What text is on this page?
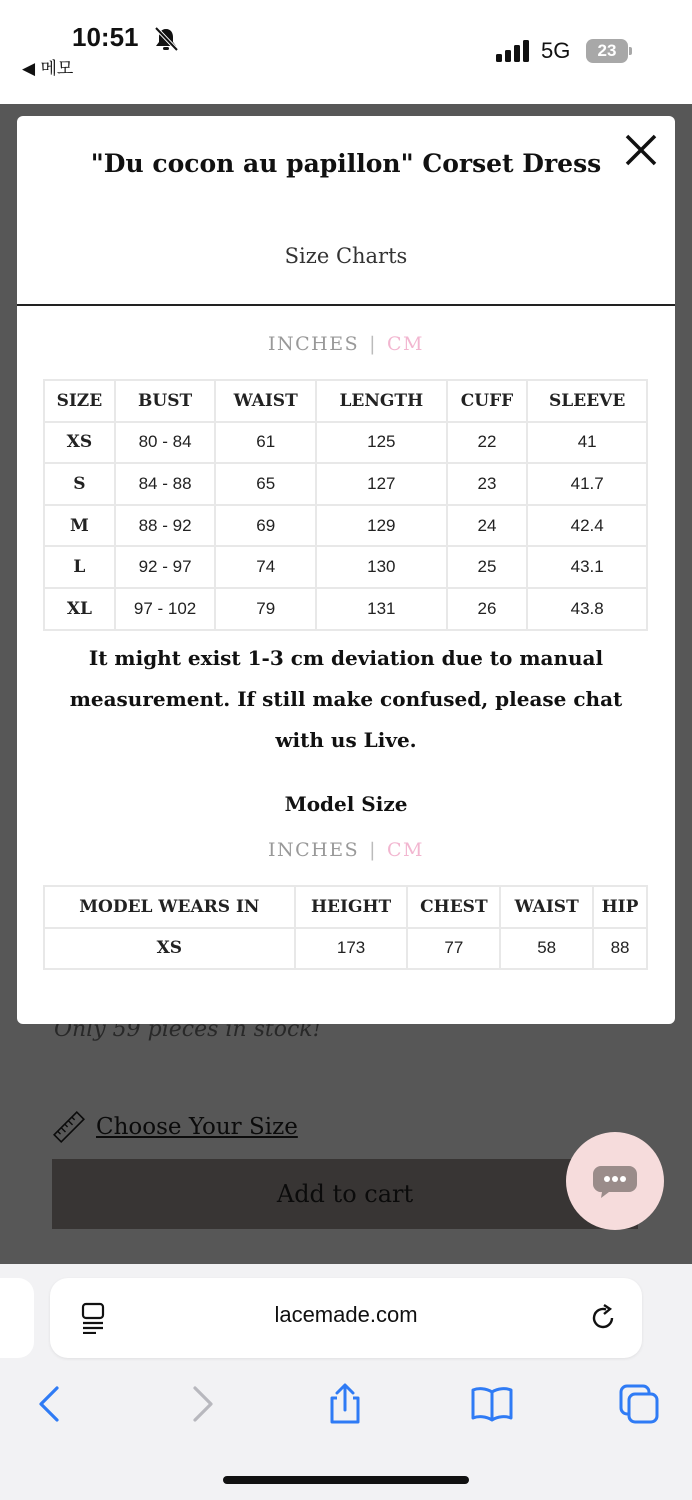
10:51
◀ 메모
5G	23
"Du cocon au papillon" Corset Dress
Size Charts
INCHES | CM
SIZE	BUST	WAIST	LENGTH	CUFF	SLEEVE
XS	80 - 84	61	125	22	41
S	84 - 88	65	127	23	41.7
M	88 - 92	69	129	24	42.4
L	92 - 97	74	130	25	43.1
XL	97 - 102	79	131	26	43.8
It might exist 1-3 cm deviation due to manual measurement. If still make confused, please chat with us Live.
Model Size
INCHES | CM
MODEL WEARS IN	HEIGHT	CHEST	WAIST	HIP
XS	173	77	58	88
lacemade.com
